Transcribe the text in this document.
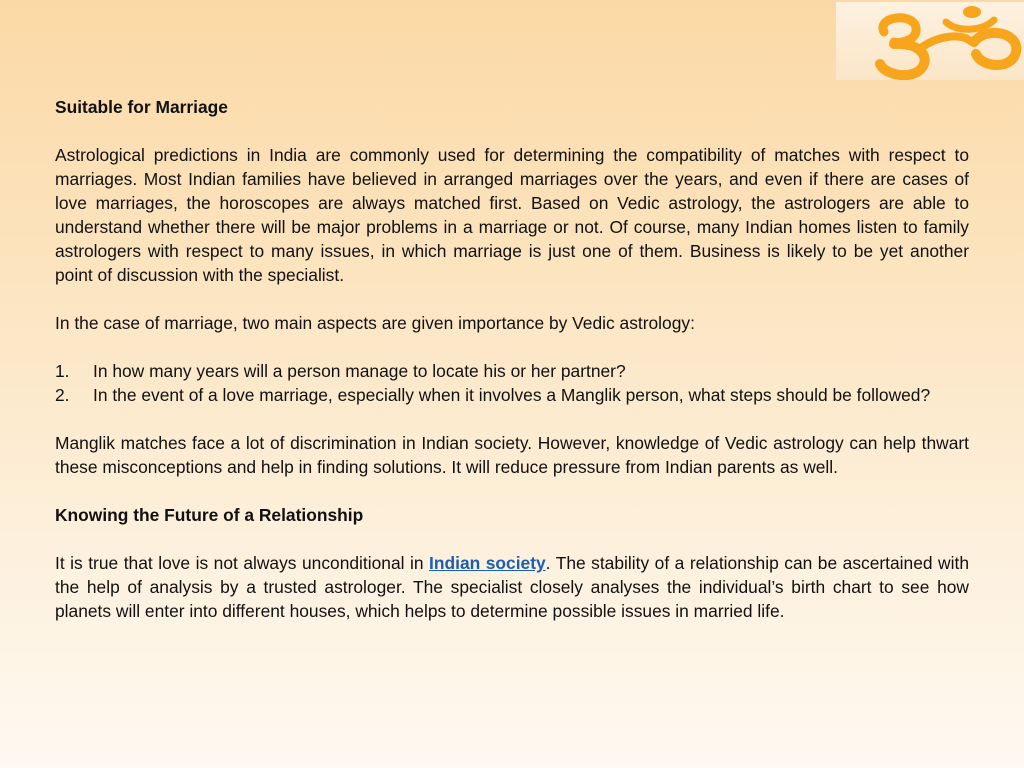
Suitable for Marriage

Astrological predictions in India are commonly used for determining the compatibility of matches with respect to marriages. Most Indian families have believed in arranged marriages over the years, and even if there are cases of love marriages, the horoscopes are always matched first. Based on Vedic astrology, the astrologers are able to understand whether there will be major problems in a marriage or not. Of course, many Indian homes listen to family astrologers with respect to many issues, in which marriage is just one of them. Business is likely to be yet another point of discussion with the specialist.

In the case of marriage, two main aspects are given importance by Vedic astrology:

1. In how many years will a person manage to locate his or her partner?
2. In the event of a love marriage, especially when it involves a Manglik person, what steps should be followed?

Manglik matches face a lot of discrimination in Indian society. However, knowledge of Vedic astrology can help thwart these misconceptions and help in finding solutions. It will reduce pressure from Indian parents as well.

Knowing the Future of a Relationship

It is true that love is not always unconditional in Indian society. The stability of a relationship can be ascertained with the help of analysis by a trusted astrologer. The specialist closely analyses the individual’s birth chart to see how planets will enter into different houses, which helps to determine possible issues in married life.
